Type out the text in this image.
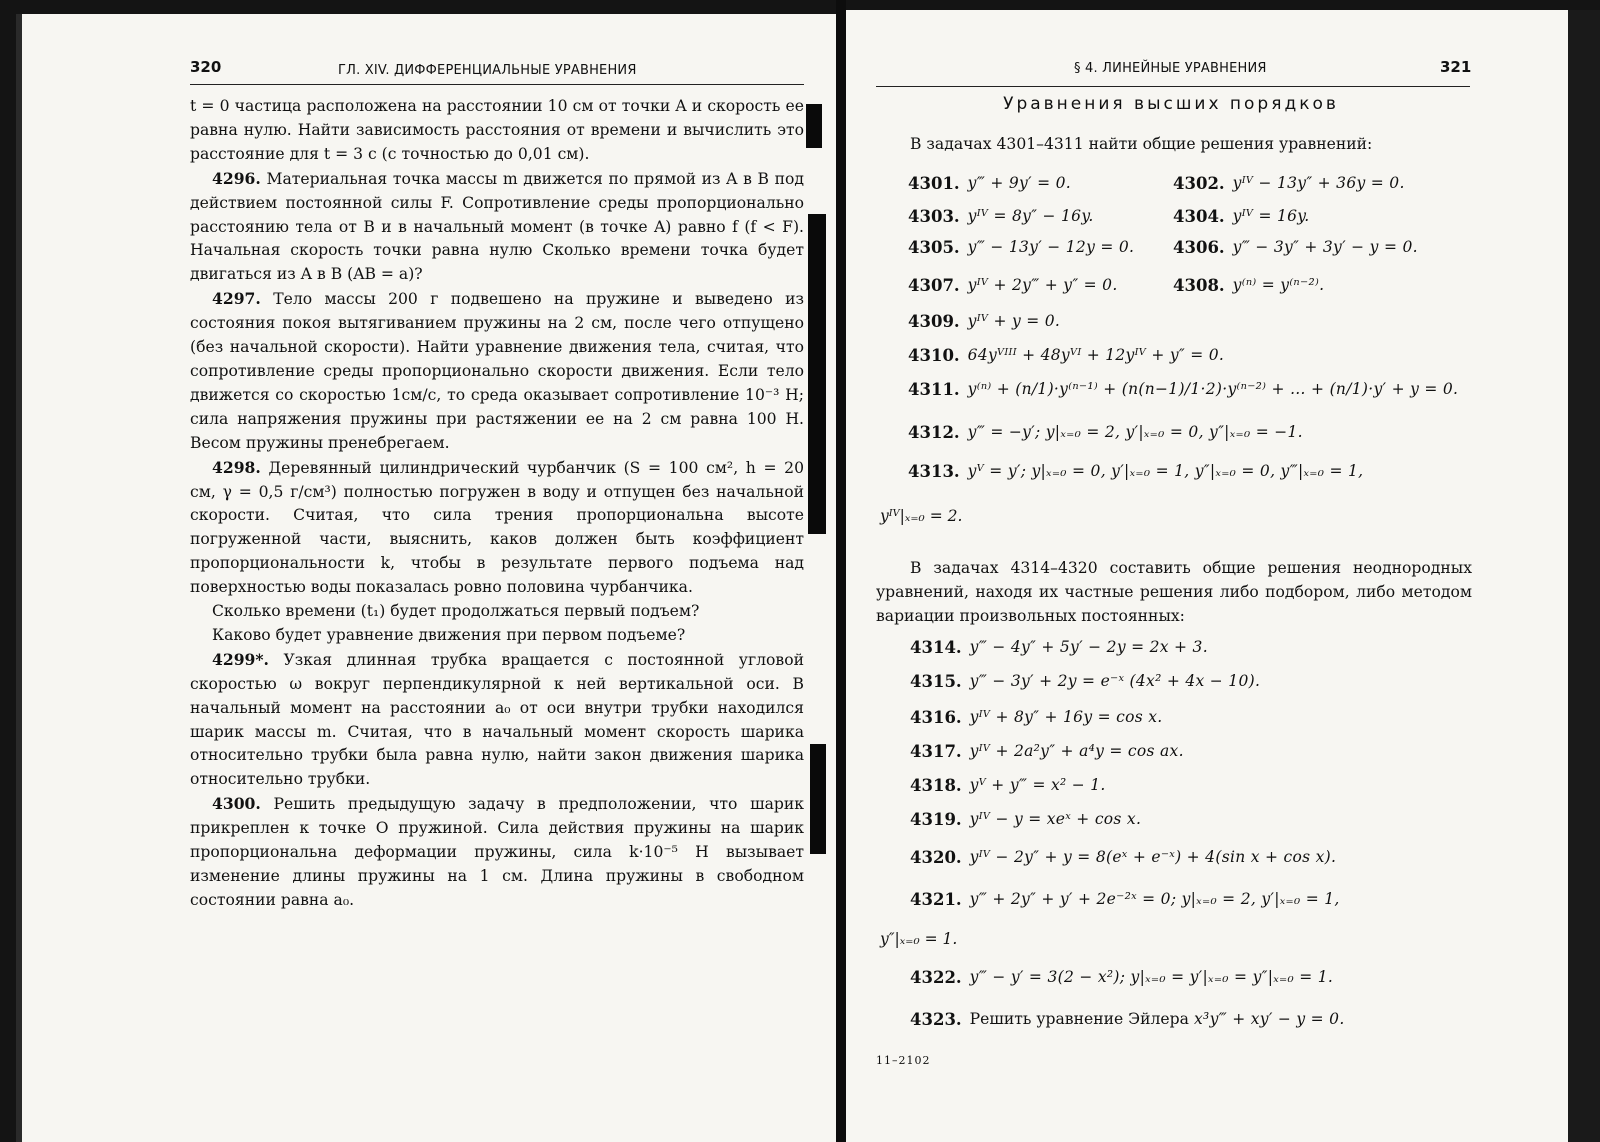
320	ГЛ. XIV. ДИФФЕРЕНЦИАЛЬНЫЕ УРАВНЕНИЯ

t = 0 частица расположена на расстоянии 10 см от точки A и скорость ее равна нулю. Найти зависимость расстояния от времени и вычислить это расстояние для t = 3 с (с точностью до 0,01 см).

4296. Материальная точка массы m движется по прямой из A в B под действием постоянной силы F. Сопротивление среды пропорционально расстоянию тела от B и в начальный момент (в точке A) равно f (f < F). Начальная скорость точки равна нулю Сколько времени точка будет двигаться из A в B (AB = a)?

4297. Тело массы 200 г подвешено на пружине и выведено из состояния покоя вытягиванием пружины на 2 см, после чего отпущено (без начальной скорости). Найти уравнение движения тела, считая, что сопротивление среды пропорционально скорости движения. Если тело движется со скоростью 1см/с, то среда оказывает сопротивление 10⁻³ Н; сила напряжения пружины при растяжении ее на 2 см равна 100 Н. Весом пружины пренебрегаем.

4298. Деревянный цилиндрический чурбанчик (S = 100 см², h = 20 см, γ = 0,5 г/см³) полностью погружен в воду и отпущен без начальной скорости. Считая, что сила трения пропорциональна высоте погруженной части, выяснить, каков должен быть коэффициент пропорциональности k, чтобы в результате первого подъема над поверхностью воды показалась ровно половина чурбанчика.

Сколько времени (t₁) будет продолжаться первый подъем?

Каково будет уравнение движения при первом подъеме?

4299*. Узкая длинная трубка вращается с постоянной угловой скоростью ω вокруг перпендикулярной к ней вертикальной оси. В начальный момент на расстоянии a₀ от оси внутри трубки находился шарик массы m. Считая, что в начальный момент скорость шарика относительно трубки была равна нулю, найти закон движения шарика относительно трубки.

4300. Решить предыдущую задачу в предположении, что шарик прикреплен к точке O пружиной. Сила действия пружины на шарик пропорциональна деформации пружины, сила k·10⁻⁵ Н вызывает изменение длины пружины на 1 см. Длина пружины в свободном состоянии равна a₀.

§ 4. ЛИНЕЙНЫЕ УРАВНЕНИЯ	321
Уравнения высших порядков
В задачах 4301–4311 найти общие решения уравнений:
4301. y‴ + 9y′ = 0.	4302. yᴵⱽ − 13y″ + 36y = 0.
4303. yᴵⱽ = 8y″ − 16y.	4304. yᴵⱽ = 16y.
4305. y‴ − 13y′ − 12y = 0. 4306. y‴ − 3y″ + 3y′ − y = 0.
4307. yᴵⱽ + 2y‴ + y″ = 0.	4308. y⁽ⁿ⁾ = y⁽ⁿ⁻²⁾.
4309. yᴵⱽ + y = 0.
4310. 64yⱽᴵᴵᴵ + 48yⱽᴵ + 12yᴵⱽ + y″ = 0.
4311. y⁽ⁿ⁾ + (n/1)·y⁽ⁿ⁻¹⁾ + (n(n−1)/1·2)·y⁽ⁿ⁻²⁾ + … + (n/1)·y′ + y = 0.
4312. y‴ = −y′; y|ₓ₌₀ = 2, y′|ₓ₌₀ = 0, y″|ₓ₌₀ = −1.
4313. yⱽ = y′; y|ₓ₌₀ = 0, y′|ₓ₌₀ = 1, y″|ₓ₌₀ = 0, y‴|ₓ₌₀ = 1,
yᴵⱽ|ₓ₌₀ = 2.
В задачах 4314–4320 составить общие решения неоднородных уравнений, находя их частные решения либо подбором, либо методом вариации произвольных постоянных:
4314. y‴ − 4y″ + 5y′ − 2y = 2x + 3.
4315. y‴ − 3y′ + 2y = e⁻ˣ (4x² + 4x − 10).
4316. yᴵⱽ + 8y″ + 16y = cos x.
4317. yᴵⱽ + 2a²y″ + a⁴y = cos ax.
4318. yⱽ + y‴ = x² − 1.
4319. yᴵⱽ − y = xeˣ + cos x.
4320. yᴵⱽ − 2y″ + y = 8(eˣ + e⁻ˣ) + 4(sin x + cos x).
4321. y‴ + 2y″ + y′ + 2e⁻²ˣ = 0; y|ₓ₌₀ = 2, y′|ₓ₌₀ = 1,
y″|ₓ₌₀ = 1.
4322. y‴ − y′ = 3(2 − x²); y|ₓ₌₀ = y′|ₓ₌₀ = y″|ₓ₌₀ = 1.
4323. Решить уравнение Эйлера
x³y‴ + xy′ − y = 0.
11–2102
